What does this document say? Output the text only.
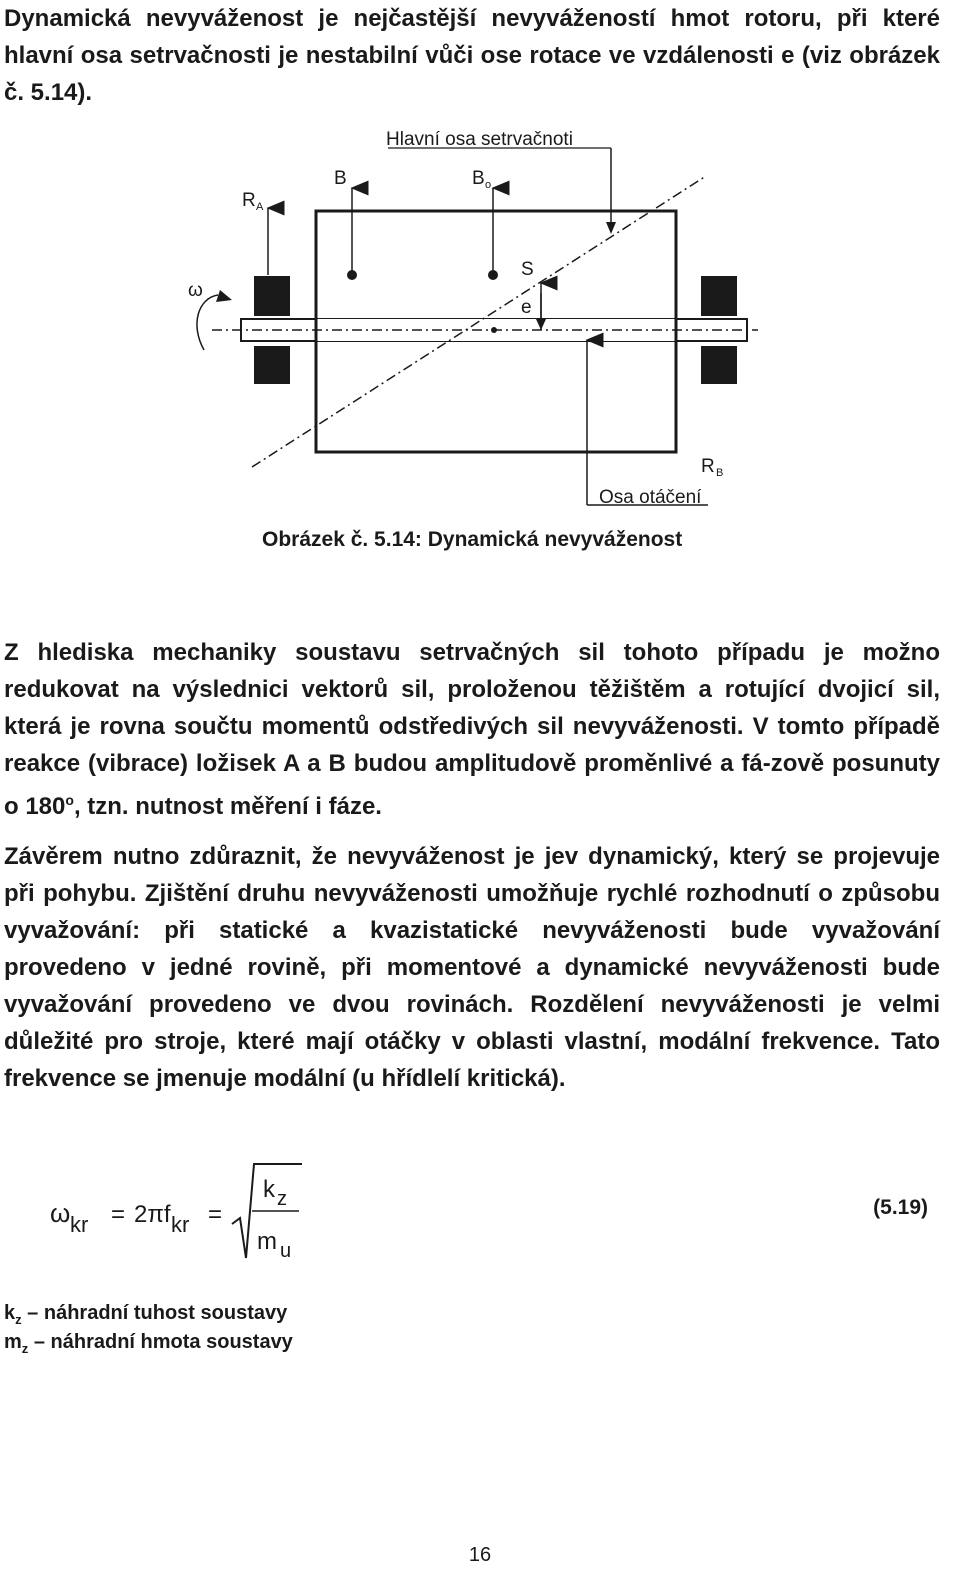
Dynamická nevyváženost je nejčastější nevyvážeností hmot rotoru, při které hlavní osa setrvačnosti je nestabilní vůči ose rotace ve vzdálenosti e (viz obrázek č. 5.14).

Hlavní osa setrvačnoti
R A
B	B o
S
e
ω
R B
Osa otáčení
Obrázek č. 5.14: Dynamická nevyváženost

Z hlediska mechaniky soustavu setrvačných sil tohoto případu je možno redukovat na výslednici vektorů sil, proloženou těžištěm a rotující dvojicí sil, která je rovna součtu momentů odstředivých sil nevyváženosti. V tomto případě reakce (vibrace) ložisek A a B budou amplitudově proměnlivé a fá-zově posunuty o 180$^o$, tzn. nutnost měření i fáze.

Závěrem nutno zdůraznit, že nevyváženost je jev dynamický, který se projevuje při pohybu. Zjištění druhu nevyváženosti umožňuje rychlé rozhodnutí o způsobu vyvažování: při statické a kvazistatické nevyváženosti bude vyvažování provedeno v jedné rovině, při momentové a dynamické nevyváženosti bude vyvažování provedeno ve dvou rovinách. Rozdělení nevyváženosti je velmi důležité pro stroje, které mají otáčky v oblasti vlastní, modální frekvence. Tato frekvence se jmenuje modální (u hřídlelí kritická).

ω kr = 2πf kr =
k z
m u
(5.19)
$k_z$ – náhradní tuhost soustavy
$m_z$ – náhradní hmota soustavy
16
